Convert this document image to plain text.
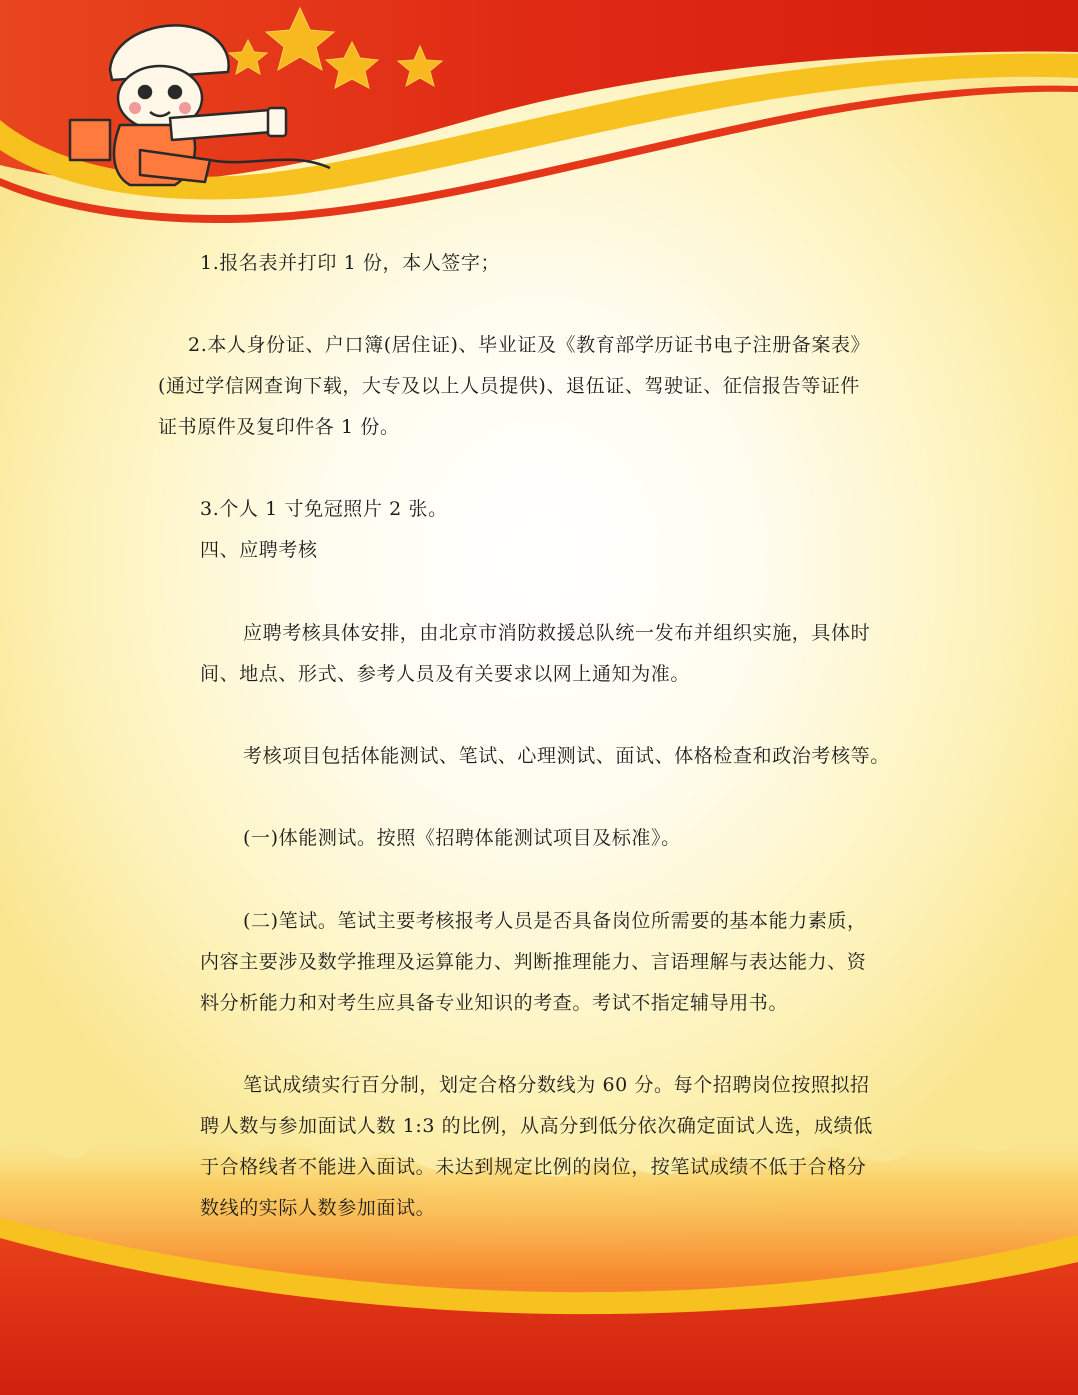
1.报名表并打印 1 份，本人签字；
2.本人身份证、户口簿(居住证)、毕业证及《教育部学历证书电子注册备案表》
(通过学信网查询下载，大专及以上人员提供)、退伍证、驾驶证、征信报告等证件
证书原件及复印件各 1 份。
3.个人 1 寸免冠照片 2 张。
四、应聘考核
应聘考核具体安排，由北京市消防救援总队统一发布并组织实施，具体时
间、地点、形式、参考人员及有关要求以网上通知为准。
考核项目包括体能测试、笔试、心理测试、面试、体格检查和政治考核等。
(一)体能测试。按照《招聘体能测试项目及标准》。
(二)笔试。笔试主要考核报考人员是否具备岗位所需要的基本能力素质，
内容主要涉及数学推理及运算能力、判断推理能力、言语理解与表达能力、资
料分析能力和对考生应具备专业知识的考查。考试不指定辅导用书。
笔试成绩实行百分制，划定合格分数线为 60 分。每个招聘岗位按照拟招
聘人数与参加面试人数 1:3 的比例，从高分到低分依次确定面试人选，成绩低
于合格线者不能进入面试。未达到规定比例的岗位，按笔试成绩不低于合格分
数线的实际人数参加面试。
